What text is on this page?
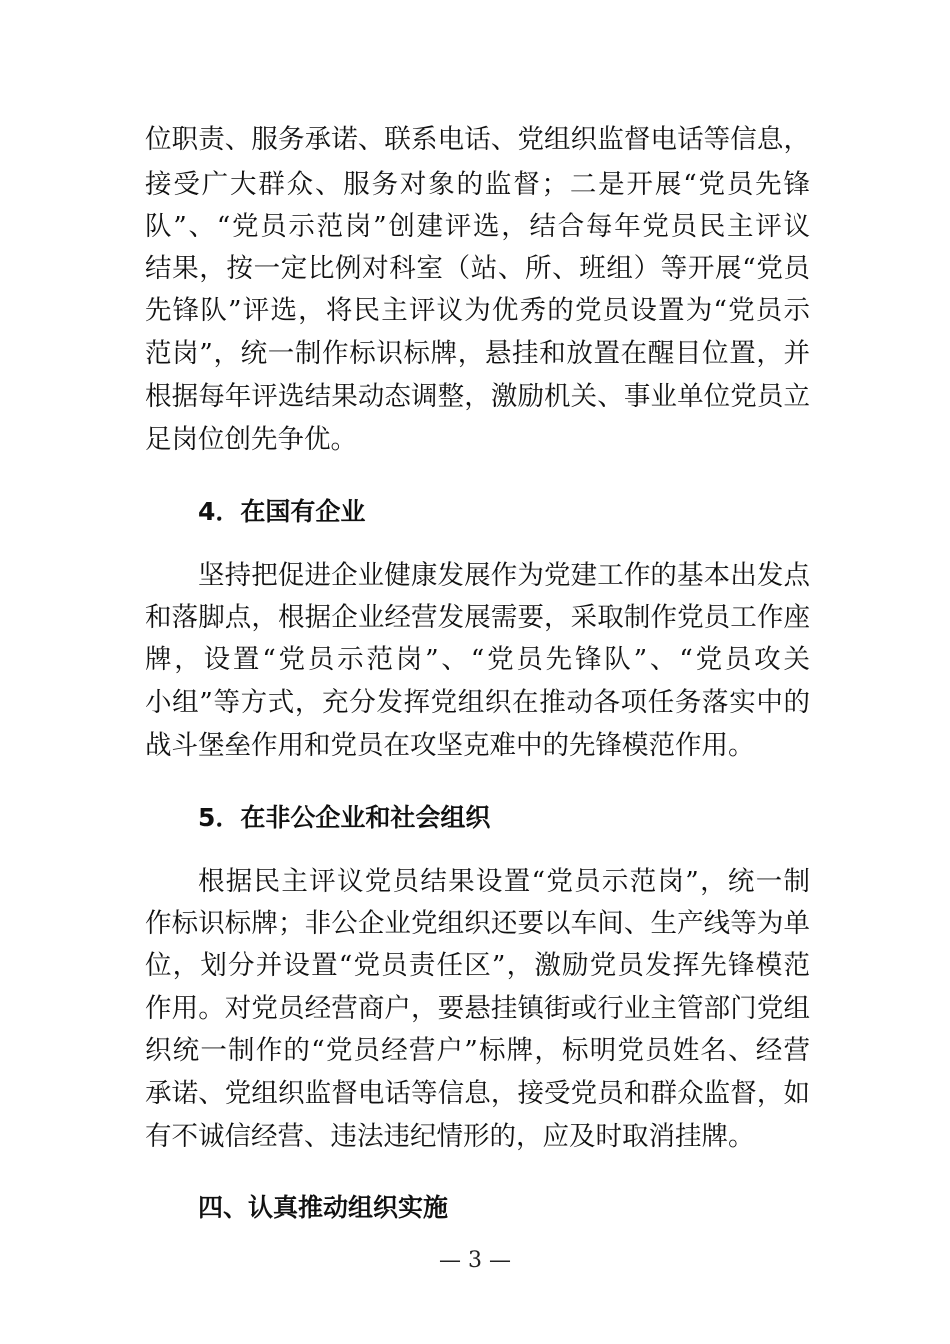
位职责、服务承诺、联系电话、党组织监督电话等信息，
接受广大群众、服务对象的监督；二是开展“党员先锋
队”、“党员示范岗”创建评选，结合每年党员民主评议
结果，按一定比例对科室（站、所、班组）等开展“党员
先锋队”评选，将民主评议为优秀的党员设置为“党员示
范岗”，统一制作标识标牌，悬挂和放置在醒目位置，并
根据每年评选结果动态调整，激励机关、事业单位党员立
足岗位创先争优。
4．在国有企业
坚持把促进企业健康发展作为党建工作的基本出发点
和落脚点，根据企业经营发展需要，采取制作党员工作座
牌，设置“党员示范岗”、“党员先锋队”、“党员攻关
小组”等方式，充分发挥党组织在推动各项任务落实中的
战斗堡垒作用和党员在攻坚克难中的先锋模范作用。
5．在非公企业和社会组织
根据民主评议党员结果设置“党员示范岗”，统一制
作标识标牌；非公企业党组织还要以车间、生产线等为单
位，划分并设置“党员责任区”，激励党员发挥先锋模范
作用。对党员经营商户，要悬挂镇街或行业主管部门党组
织统一制作的“党员经营户”标牌，标明党员姓名、经营
承诺、党组织监督电话等信息，接受党员和群众监督，如
有不诚信经营、违法违纪情形的，应及时取消挂牌。
四、认真推动组织实施
— 3 —
